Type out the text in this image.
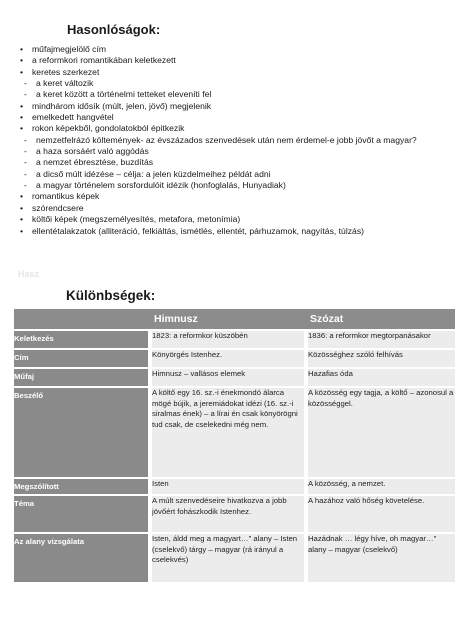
Hasonlóságok:
• műfajmegjelölő cím
• a reformkori romantikában keletkezett
• keretes szerkezet
- a keret változik
- a keret között a történelmi tetteket eleveníti fel
• mindhárom idősík (múlt, jelen, jövő) megjelenik
• emelkedett hangvétel
• rokon képekből, gondolatokból épitkezik
- nemzetfelrázó költemények- az évszázados szenvedések után nem érdemel-e jobb jövőt a magyar?
- a haza sorsáért való aggódás
- a nemzet ébresztése, buzdítás
- a dicső múlt idézése – célja: a jelen küzdelmeihez példát adni
- a magyar történelem sorsfordulóit idézik (honfoglalás, Hunyadiak)
• romantikus képek
• szórendcsere
• költői képek (megszemélyesítés, metafora, metonímia)
• ellentétalakzatok (alliteráció, felkiáltás, ismétlés, ellentét, párhuzamok, nagyítás, túlzás)
Hasz
Különbségek:
	Himnusz	Szózat
Keletkezés	1823: a reformkor küszöbén	1836: a reformkor megtorpanásakor
Cím	Könyörgés Istenhez.	Közösséghez szóló felhívás
Műfaj	Himnusz – vallásos elemek	Hazafias óda
Beszélő	A költő egy 16. sz.-i énekmondó álarca mögé bújik, a jeremiádokat idézi (16. sz.-i siralmas ének) – a lírai én csak könyörögni tud csak, de cselekedni még nem.	A közösség egy tagja, a költő – azonosul a közösséggel.
Megszólított	Isten	A közösség, a nemzet.
Téma	A múlt szenvedéseire hivatkozva a jobb jövőért fohászkodik Istenhez.	A hazához való hőség követelése.
Az alany vizsgálata	Isten, áldd meg a magyart…" alany – Isten (cselekvő) tárgy – magyar (rá irányul a cselekvés)	Hazádnak … légy híve, oh magyar…" alany – magyar (cselekvő)
zi
